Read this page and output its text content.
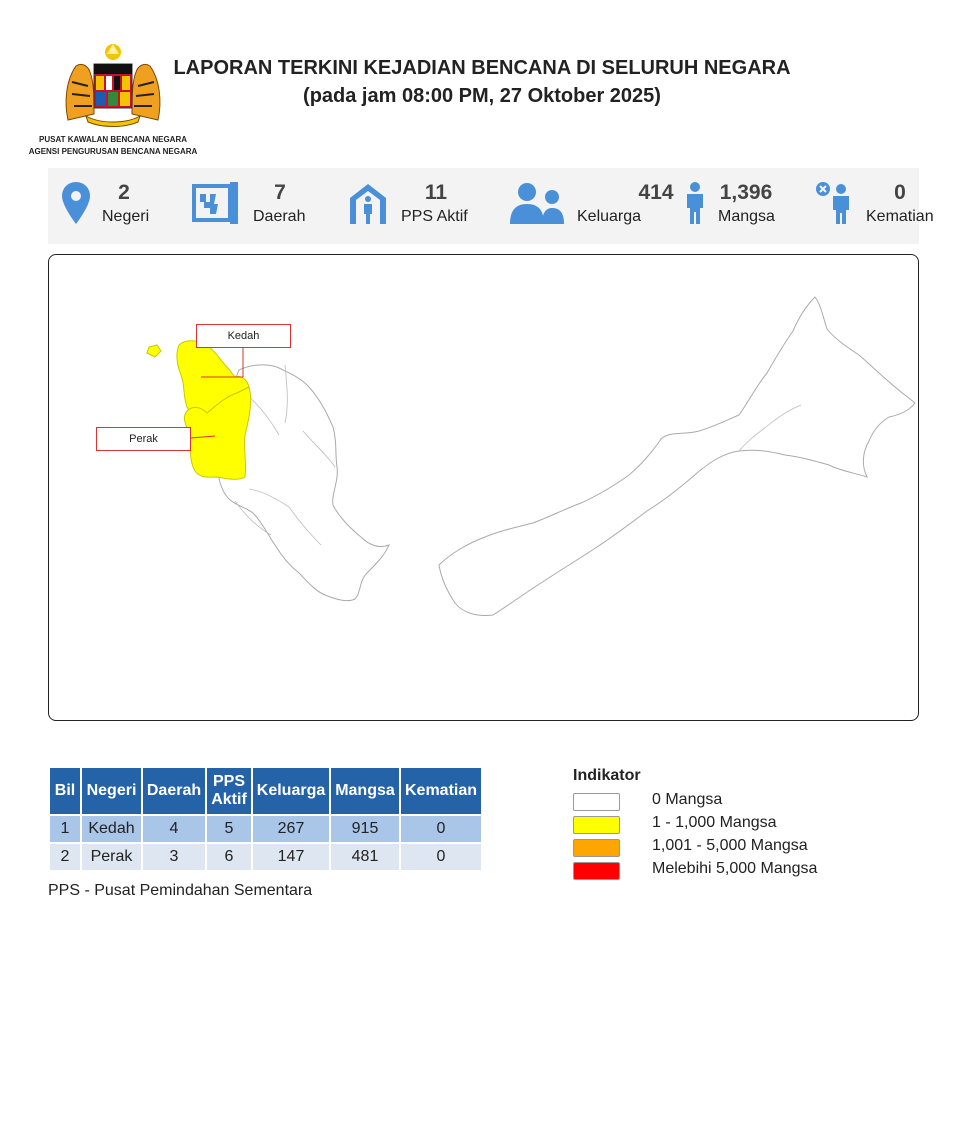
PUSAT KAWALAN BENCANA NEGARA
AGENSI PENGURUSAN BENCANA NEGARA
LAPORAN TERKINI KEJADIAN BENCANA DI SELURUH NEGARA
(pada jam 08:00 PM, 27 Oktober 2025)
2
Negeri
7
Daerah
11
PPS Aktif
414
Keluarga
1,396
Mangsa
0
Kematian
Kedah
Perak
Bil	Negeri	Daerah	PPS Aktif	Keluarga	Mangsa	Kematian
1	Kedah	4	5	267	915	0
2	Perak	3	6	147	481	0
PPS - Pusat Pemindahan Sementara
Indikator
0 Mangsa
1 - 1,000 Mangsa
1,001 - 5,000 Mangsa
Melebihi 5,000 Mangsa
